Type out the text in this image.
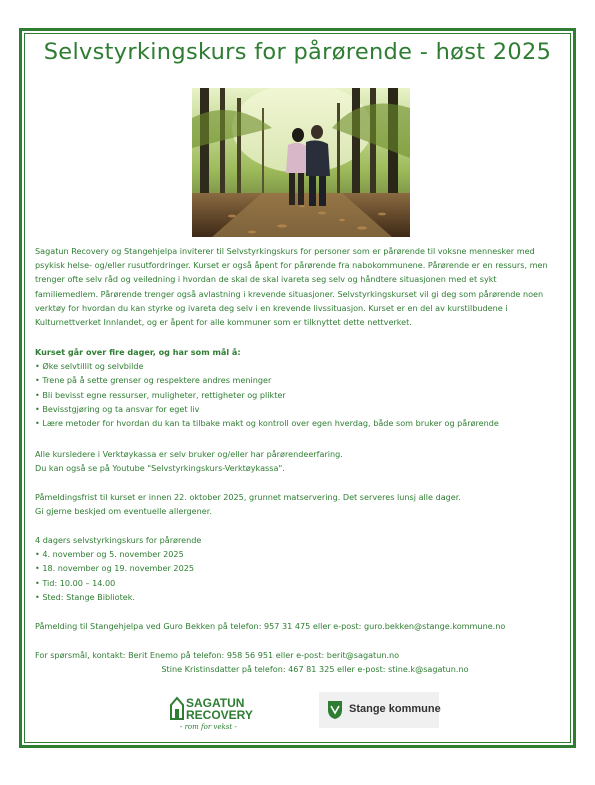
Selvstyrkingskurs for pårørende - høst 2025

Sagatun Recovery og Stangehjelpa inviterer til Selvstyrkingskurs for personer som er pårørende til voksne mennesker med psykisk helse- og/eller rusutfordringer. Kurset er også åpent for pårørende fra nabokommunene. Pårørende er en ressurs, men trenger ofte selv råd og veiledning i hvordan de skal de skal ivareta seg selv og håndtere situasjonen med et sykt familiemedlem. Pårørende trenger også avlastning i krevende situasjoner. Selvstyrkingskurset vil gi deg som pårørende noen verktøy for hvordan du kan styrke og ivareta deg selv i en krevende livssituasjon. Kurset er en del av kurstilbudene i Kulturnettverket Innlandet, og er åpent for alle kommuner som er tilknyttet dette nettverket.

Kurset går over fire dager, og har som mål å:

• Øke selvtillit og selvbilde
• Trene på å sette grenser og respektere andres meninger
• Bli bevisst egne ressurser, muligheter, rettigheter og plikter
• Bevisstgjøring og ta ansvar for eget liv
• Lære metoder for hvordan du kan ta tilbake makt og kontroll over egen hverdag, både som bruker og pårørende

Alle kursledere i Verktøykassa er selv bruker og/eller har pårørendeerfaring.

Du kan også se på Youtube "Selvstyrkingskurs-Verktøykassa".

Påmeldingsfrist til kurset er innen 22. oktober 2025, grunnet matservering. Det serveres lunsj alle dager.

Gi gjerne beskjed om eventuelle allergener.

4 dagers selvstyrkingskurs for pårørende

• 4. november og 5. november 2025
• 18. november og 19. november 2025
• Tid: 10.00 – 14.00
• Sted: Stange Bibliotek.

Påmelding til Stangehjelpa ved Guro Bekken på telefon: 957 31 475 eller e-post: guro.bekken@stange.kommune.no

For spørsmål, kontakt: Berit Enemo på telefon: 958 56 951 eller e-post: berit@sagatun.no

Stine Kristinsdatter på telefon: 467 81 325 eller e-post: stine.k@sagatun.no

SAGATUN
RECOVERY
- rom for vekst -
Stange kommune
